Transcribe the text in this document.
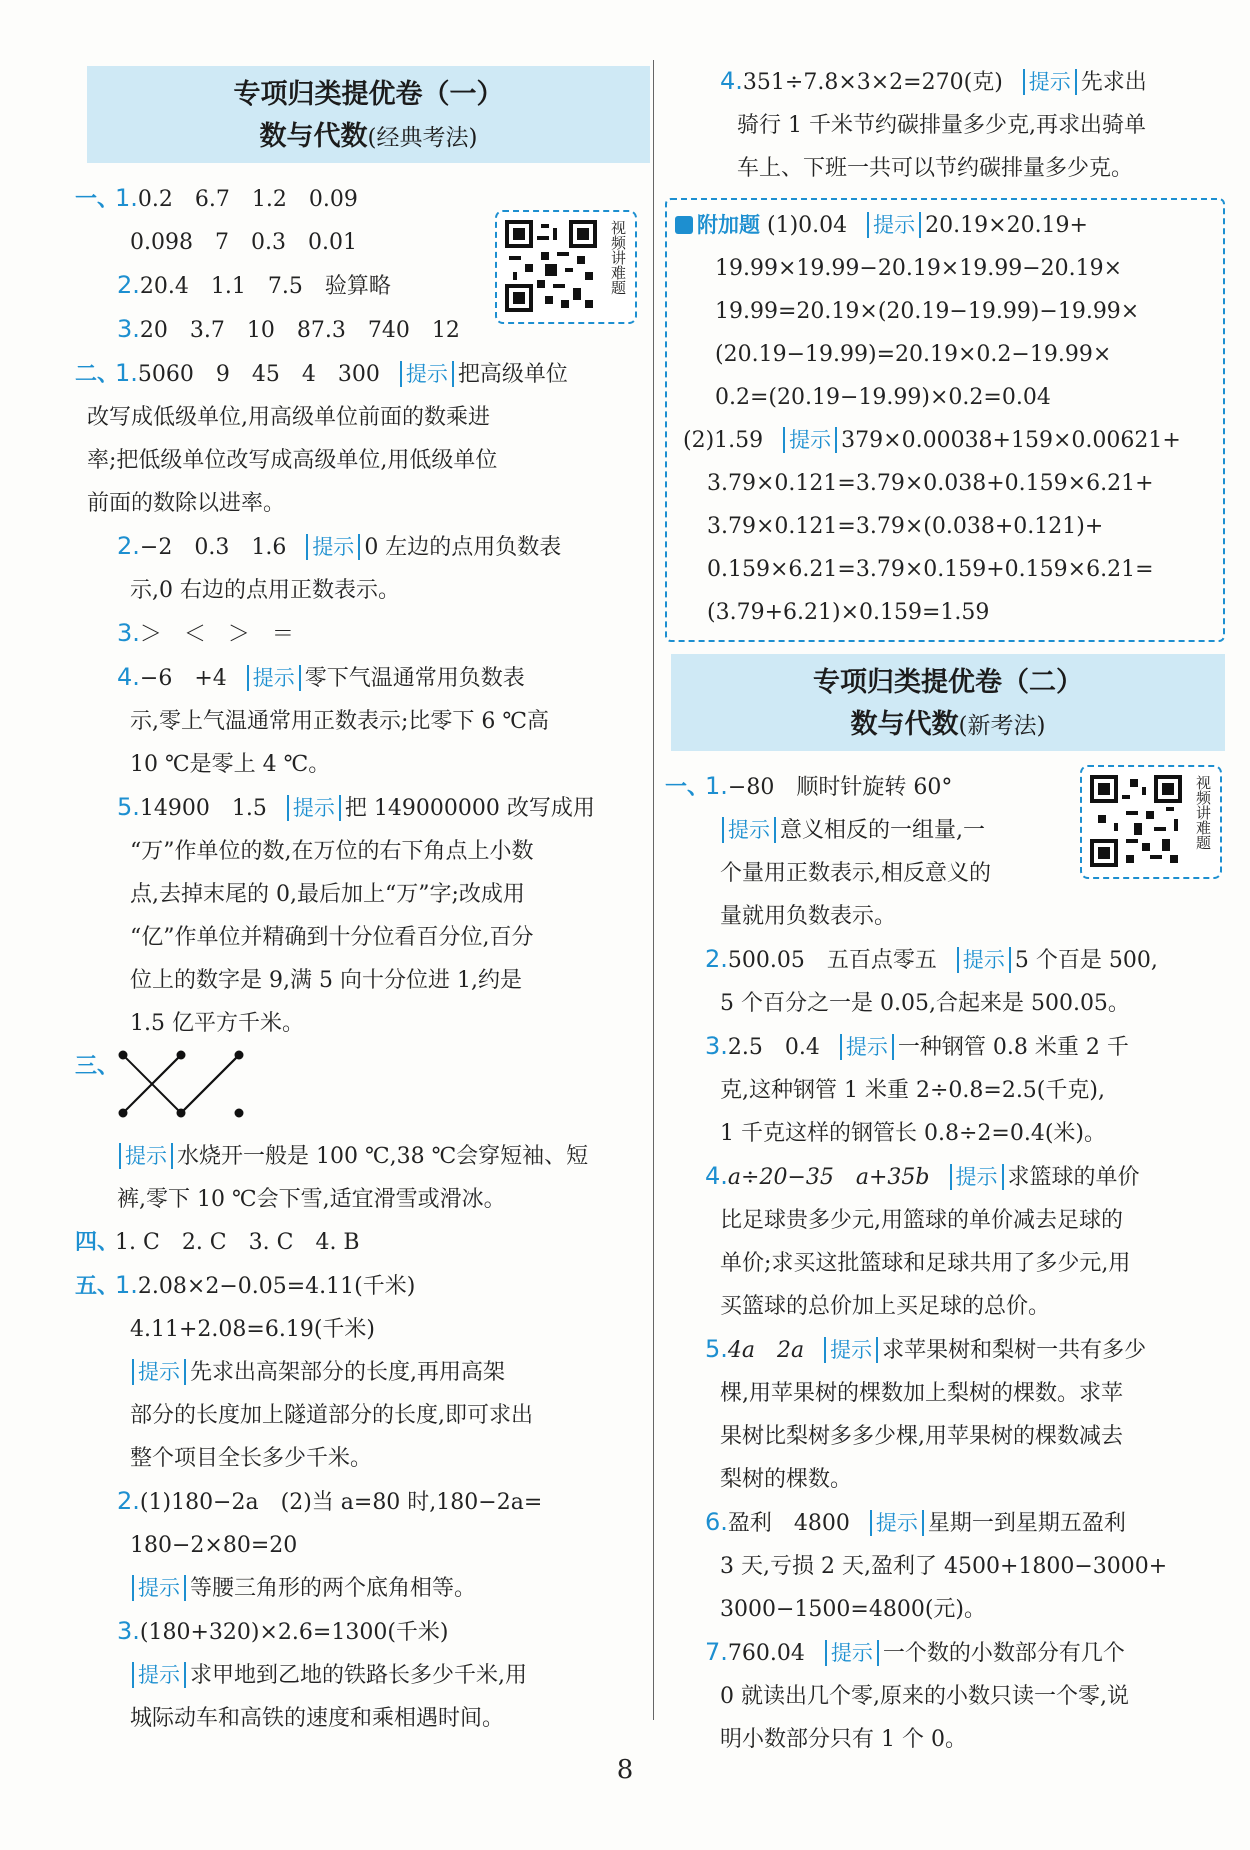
专项归类提优卷（一）
数与代数(经典考法)
视频讲难题
一、1.0.2　6.7　1.2　0.09
0.098　7　0.3　0.01
2.20.4　1.1　7.5　验算略
3.20　3.7　10　87.3　740　12
二、1.5060　9　45　4　300 提示 把高级单位
改写成低级单位,用高级单位前面的数乘进
率;把低级单位改写成高级单位,用低级单位
前面的数除以进率。
2.−2　0.3　1.6 提示 0 左边的点用负数表
示,0 右边的点用正数表示。
3.＞　＜　＞　＝
4.−6　+4 提示 零下气温通常用负数表
示,零上气温通常用正数表示;比零下 6 ℃高
10 ℃是零上 4 ℃。
5.14900　1.5 提示 把 149000000 改写成用
“万”作单位的数,在万位的右下角点上小数
点,去掉末尾的 0,最后加上“万”字;改成用
“亿”作单位并精确到十分位看百分位,百分
位上的数字是 9,满 5 向十分位进 1,约是
1.5 亿平方千米。
三、
提示 水烧开一般是 100 ℃,38 ℃会穿短袖、短
裤,零下 10 ℃会下雪,适宜滑雪或滑冰。
四、1. C　2. C　3. C　4. B
五、1.2.08×2−0.05=4.11(千米)
4.11+2.08=6.19(千米)
提示 先求出高架部分的长度,再用高架
部分的长度加上隧道部分的长度,即可求出
整个项目全长多少千米。
2.(1)180−2a　(2)当 a=80 时,180−2a=
180−2×80=20
提示 等腰三角形的两个底角相等。
3.(180+320)×2.6=1300(千米)
提示 求甲地到乙地的铁路长多少千米,用
城际动车和高铁的速度和乘相遇时间。
4.351÷7.8×3×2=270(克) 提示 先求出
骑行 1 千米节约碳排量多少克,再求出骑单
车上、下班一共可以节约碳排量多少克。
附加题 (1)0.04 提示 20.19×20.19+
19.99×19.99−20.19×19.99−20.19×
19.99=20.19×(20.19−19.99)−19.99×
(20.19−19.99)=20.19×0.2−19.99×
0.2=(20.19−19.99)×0.2=0.04
(2)1.59 提示 379×0.00038+159×0.00621+
3.79×0.121=3.79×0.038+0.159×6.21+
3.79×0.121=3.79×(0.038+0.121)+
0.159×6.21=3.79×0.159+0.159×6.21=
(3.79+6.21)×0.159=1.59
专项归类提优卷（二）
数与代数(新考法)
视频讲难题
一、1.−80　顺时针旋转 60°
提示 意义相反的一组量,一
个量用正数表示,相反意义的
量就用负数表示。
2.500.05　五百点零五 提示 5 个百是 500,
5 个百分之一是 0.05,合起来是 500.05。
3.2.5　0.4 提示 一种钢管 0.8 米重 2 千
克,这种钢管 1 米重 2÷0.8=2.5(千克),
1 千克这样的钢管长 0.8÷2=0.4(米)。
4.a÷20−35　a+35b 提示 求篮球的单价
比足球贵多少元,用篮球的单价减去足球的
单价;求买这批篮球和足球共用了多少元,用
买篮球的总价加上买足球的总价。
5.4a　2a 提示 求苹果树和梨树一共有多少
棵,用苹果树的棵数加上梨树的棵数。求苹
果树比梨树多多少棵,用苹果树的棵数减去
梨树的棵数。
6.盈利　4800 提示 星期一到星期五盈利
3 天,亏损 2 天,盈利了 4500+1800−3000+
3000−1500=4800(元)。
7.760.04 提示 一个数的小数部分有几个
0 就读出几个零,原来的小数只读一个零,说
明小数部分只有 1 个 0。
8
